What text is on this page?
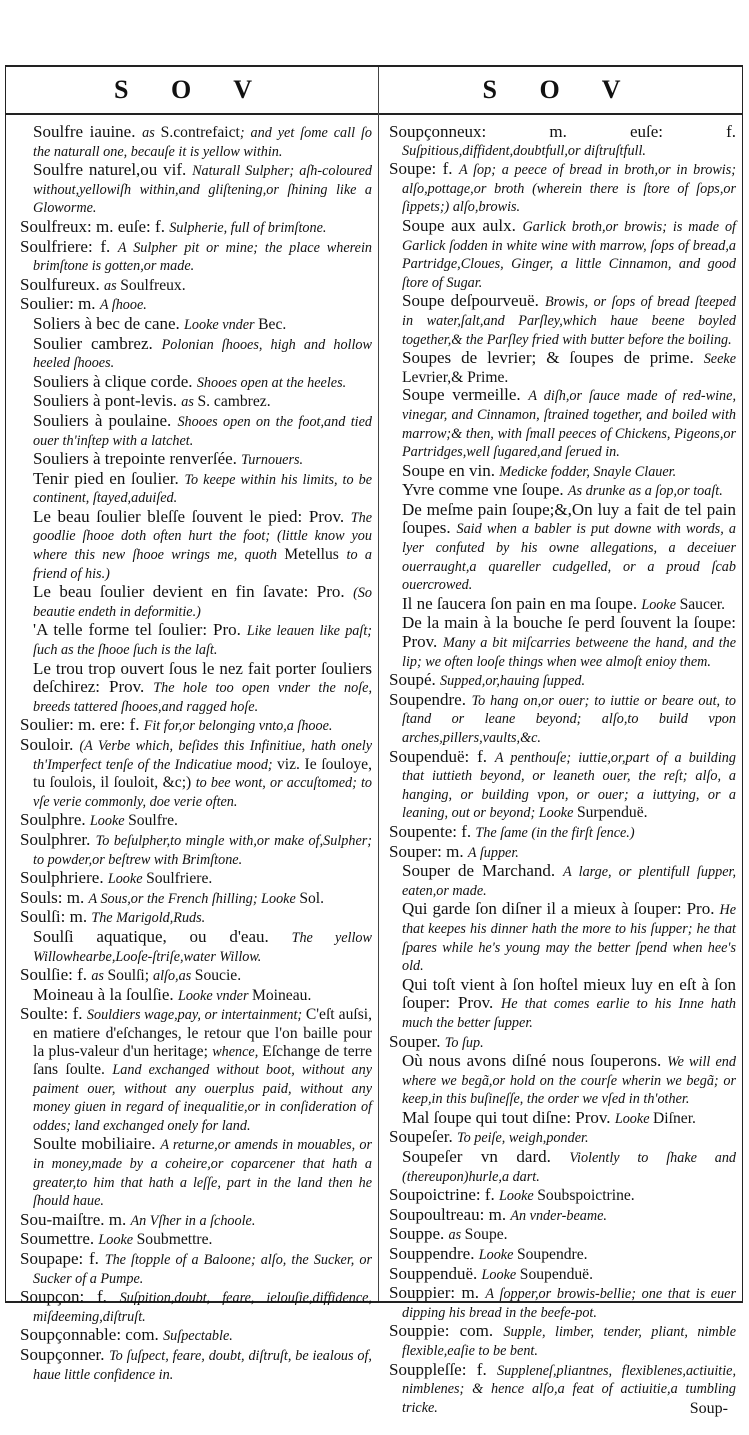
S O V

Soulfre iauine. as S.contrefaict; and yet ſome call ſo the naturall one, becauſe it is yellow within.

Soulfre naturel,ou vif. Naturall Sulpher; aſh-coloured without,yellowiſh within,and gliſtening,or ſhining like a Gloworme.

Soulfreux: m. euſe: f. Sulpherie, full of brimſtone.

Soulfriere: f. A Sulpher pit or mine; the place wherein brimſtone is gotten,or made.

Soulfureux. as Soulfreux.

Soulier: m. A ſhooe.

Soliers à bec de cane. Looke vnder Bec.

Soulier cambrez. Polonian ſhooes, high and hollow heeled ſhooes.

Souliers à clique corde. Shooes open at the heeles.

Souliers à pont-levis. as S. cambrez.

Souliers à poulaine. Shooes open on the foot,and tied ouer th'inſtep with a latchet.

Souliers à trepointe renverſée. Turnouers.

Tenir pied en ſoulier. To keepe within his limits, to be continent, ſtayed,aduiſed.

Le beau ſoulier bleſſe ſouvent le pied: Prov. The goodlie ſhooe doth often hurt the foot; (little know you where this new ſhooe wrings me, quoth Metellus to a friend of his.)

Le beau ſoulier devient en fin ſavate: Pro. (So beautie endeth in deformitie.)

'A telle forme tel ſoulier: Pro. Like leauen like paſt; ſuch as the ſhooe ſuch is the laſt.

Le trou trop ouvert ſous le nez fait porter ſouliers deſchirez: Prov. The hole too open vnder the noſe, breeds tattered ſhooes,and ragged hoſe.

Soulier: m. ere: f. Fit for,or belonging vnto,a ſhooe.

Souloir. (A Verbe which, beſides this Infinitiue, hath onely th'Imperfect tenſe of the Indicatiue mood; viz. Ie ſouloye, tu ſoulois, il ſouloit, &c;) to bee wont, or accuſtomed; to vſe verie commonly, doe verie often.

Soulphre. Looke Soulfre.

Soulphrer. To beſulpher,to mingle with,or make of,Sulpher; to powder,or beſtrew with Brimſtone.

Soulphriere. Looke Soulfriere.

Souls: m. A Sous,or the French ſhilling; Looke Sol.

Soulſi: m. The Marigold,Ruds.

Soulſi aquatique, ou d'eau. The yellow Willowhearbe,Looſe-ſtriſe,water Willow.

Soulſie: f. as Soulſi; alſo,as Soucie.

Moineau à la ſoulſie. Looke vnder Moineau.

Soulte: f. Souldiers wage,pay, or intertainment; C'eſt auſsi, en matiere d'eſchanges, le retour que l'on baille pour la plus-valeur d'un heritage; whence, Eſchange de terre ſans ſoulte. Land exchanged without boot, without any paiment ouer, without any ouerplus paid, without any money giuen in regard of inequalitie,or in conſideration of oddes; land exchanged onely for land.

Soulte mobiliaire. A returne,or amends in mouables, or in money,made by a coheire,or coparcener that hath a greater,to him that hath a leſſe, part in the land then he ſhould haue.

Sou-maiſtre. m. An Vſher in a ſchoole.

Soumettre. Looke Soubmettre.

Soupape: f. The ſtopple of a Baloone; alſo, the Sucker, or Sucker of a Pumpe.

Soupçon: f. Suſpition,doubt, feare, ielouſie,diffidence, miſdeeming,diſtruſt.

Soupçonnable: com. Suſpectable.

Soupçonner. To ſuſpect, feare, doubt, diſtruſt, be iealous of, haue little confidence in.

S O V

Soupçonneux: m. euſe: f. Suſpitious,diffident,doubtfull,or diſtruſtfull.

Soupe: f. A ſop; a peece of bread in broth,or in browis; alſo,pottage,or broth (wherein there is ſtore of ſops,or ſippets;) alſo,browis.

Soupe aux aulx. Garlick broth,or browis; is made of Garlick ſodden in white wine with marrow, ſops of bread,a Partridge,Cloues, Ginger, a little Cinnamon, and good ſtore of Sugar.

Soupe deſpourveuë. Browis, or ſops of bread ſteeped in water,ſalt,and Parſley,which haue beene boyled together,& the Parſley fried with butter before the boiling.

Soupes de levrier; & ſoupes de prime. Seeke Levrier,& Prime.

Soupe vermeille. A diſh,or ſauce made of red-wine, vinegar, and Cinnamon, ſtrained together, and boiled with marrow;& then, with ſmall peeces of Chickens, Pigeons,or Partridges,well ſugared,and ſerued in.

Soupe en vin. Medicke fodder, Snayle Clauer.

Yvre comme vne ſoupe. As drunke as a ſop,or toaſt.

De meſme pain ſoupe;&,On luy a fait de tel pain ſoupes. Said when a babler is put downe with words, a lyer confuted by his owne allegations, a deceiuer ouerraught,a quareller cudgelled, or a proud ſcab ouercrowed.

Il ne ſaucera ſon pain en ma ſoupe. Looke Saucer.

De la main à la bouche ſe perd ſouvent la ſoupe: Prov. Many a bit miſcarries betweene the hand, and the lip; we often looſe things when wee almoſt enioy them.

Soupé. Supped,or,hauing ſupped.

Soupendre. To hang on,or ouer; to iuttie or beare out, to ſtand or leane beyond; alſo,to build vpon arches,pillers,vaults,&c.

Soupenduë: f. A penthouſe; iuttie,or,part of a building that iuttieth beyond, or leaneth ouer, the reſt; alſo, a hanging, or building vpon, or ouer; a iuttying, or a leaning, out or beyond; Looke Surpenduë.

Soupente: f. The ſame (in the firſt ſence.)

Souper: m. A ſupper.

Souper de Marchand. A large, or plentifull ſupper, eaten,or made.

Qui garde ſon diſner il a mieux à ſouper: Pro. He that keepes his dinner hath the more to his ſupper; he that ſpares while he's young may the better ſpend when hee's old.

Qui toſt vient à ſon hoſtel mieux luy en eſt à ſon ſouper: Prov. He that comes earlie to his Inne hath much the better ſupper.

Souper. To ſup.

Où nous avons diſné nous ſouperons. We will end where we begã,or hold on the courſe wherin we begã; or keep,in this buſineſſe, the order we vſed in th'other.

Mal ſoupe qui tout diſne: Prov. Looke Diſner.

Soupeſer. To peiſe, weigh,ponder.

Soupeſer vn dard. Violently to ſhake and (thereupon)hurle,a dart.

Soupoictrine: f. Looke Soubspoictrine.

Soupoultreau: m. An vnder-beame.

Souppe. as Soupe.

Souppendre. Looke Soupendre.

Souppenduë. Looke Soupenduë.

Souppier: m. A ſopper,or browis-bellie; one that is euer dipping his bread in the beefe-pot.

Souppie: com. Supple, limber, tender, pliant, nimble flexible,eaſie to be bent.

Souppleſſe: f. Suppleneſ,pliantnes, flexiblenes,actiuitie, nimblenes; & hence alſo,a feat of actiuitie,a tumbling tricke.	Soup-
